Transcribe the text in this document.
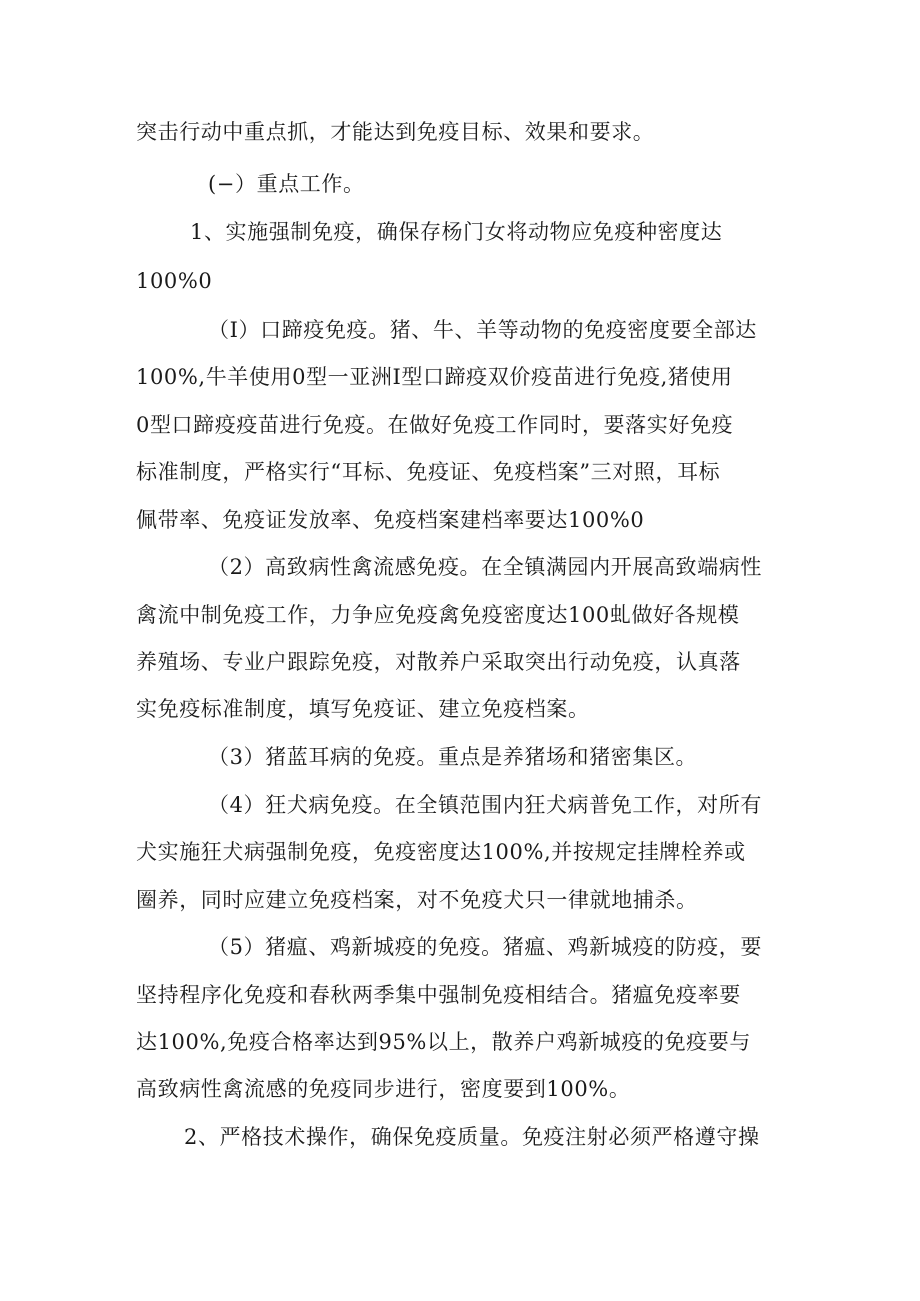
突击行动中重点抓，才能达到免疫目标、效果和要求。
(−）重点工作。
1、实施强制免疫，确保存杨门女将动物应免疫种密度达
100%0
（I）口蹄疫免疫。猪、牛、羊等动物的免疫密度要全部达
100%,牛羊使用0型一亚洲Ⅰ型口蹄疫双价疫苗进行免疫,猪使用
0型口蹄疫疫苗进行免疫。在做好免疫工作同时，要落实好免疫
标准制度，严格实行“耳标、免疫证、免疫档案”三对照，耳标
佩带率、免疫证发放率、免疫档案建档率要达100%0
（2）高致病性禽流感免疫。在全镇满园内开展高致端病性
禽流中制免疫工作，力争应免疫禽免疫密度达100虬做好各规模
养殖场、专业户跟踪免疫，对散养户采取突出行动免疫，认真落
实免疫标准制度，填写免疫证、建立免疫档案。
（3）猪蓝耳病的免疫。重点是养猪场和猪密集区。
（4）狂犬病免疫。在全镇范围内狂犬病普免工作，对所有
犬实施狂犬病强制免疫，免疫密度达100%,并按规定挂牌栓养或
圈养，同时应建立免疫档案，对不免疫犬只一律就地捕杀。
（5）猪瘟、鸡新城疫的免疫。猪瘟、鸡新城疫的防疫，要
坚持程序化免疫和春秋两季集中强制免疫相结合。猪瘟免疫率要
达100%,免疫合格率达到95%以上，散养户鸡新城疫的免疫要与
高致病性禽流感的免疫同步进行，密度要到100%。
2、严格技术操作，确保免疫质量。免疫注射必须严格遵守操
